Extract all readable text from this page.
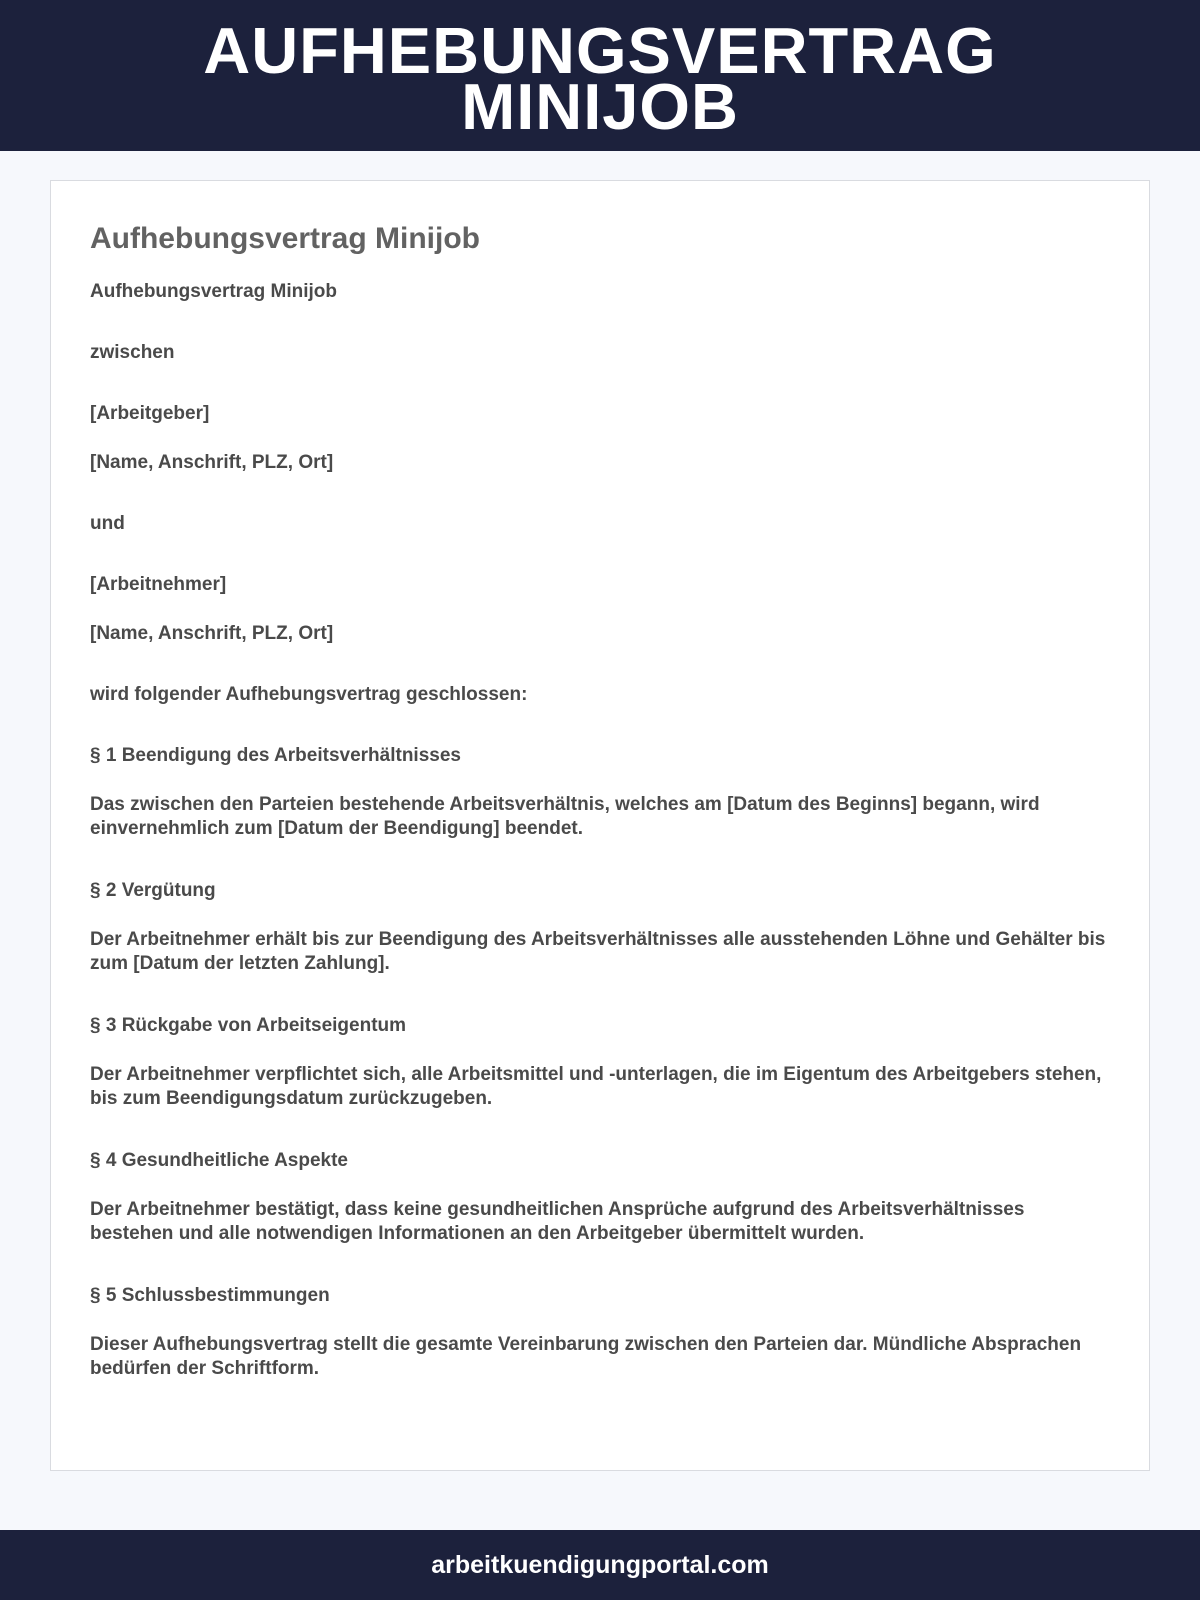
AUFHEBUNGSVERTRAG
MINIJOB
Aufhebungsvertrag Minijob

Aufhebungsvertrag Minijob

zwischen

[Arbeitgeber]

[Name, Anschrift, PLZ, Ort]

und

[Arbeitnehmer]

[Name, Anschrift, PLZ, Ort]

wird folgender Aufhebungsvertrag geschlossen:

§ 1 Beendigung des Arbeitsverhältnisses

Das zwischen den Parteien bestehende Arbeitsverhältnis, welches am [Datum des Beginns] begann, wird einvernehmlich zum [Datum der Beendigung] beendet.

§ 2 Vergütung

Der Arbeitnehmer erhält bis zur Beendigung des Arbeitsverhältnisses alle ausstehenden Löhne und Gehälter bis zum [Datum der letzten Zahlung].

§ 3 Rückgabe von Arbeitseigentum

Der Arbeitnehmer verpflichtet sich, alle Arbeitsmittel und -unterlagen, die im Eigentum des Arbeitgebers stehen, bis zum Beendigungsdatum zurückzugeben.

§ 4 Gesundheitliche Aspekte

Der Arbeitnehmer bestätigt, dass keine gesundheitlichen Ansprüche aufgrund des Arbeitsverhältnisses bestehen und alle notwendigen Informationen an den Arbeitgeber übermittelt wurden.

§ 5 Schlussbestimmungen

Dieser Aufhebungsvertrag stellt die gesamte Vereinbarung zwischen den Parteien dar. Mündliche Absprachen bedürfen der Schriftform.

arbeitkuendigungportal.com
